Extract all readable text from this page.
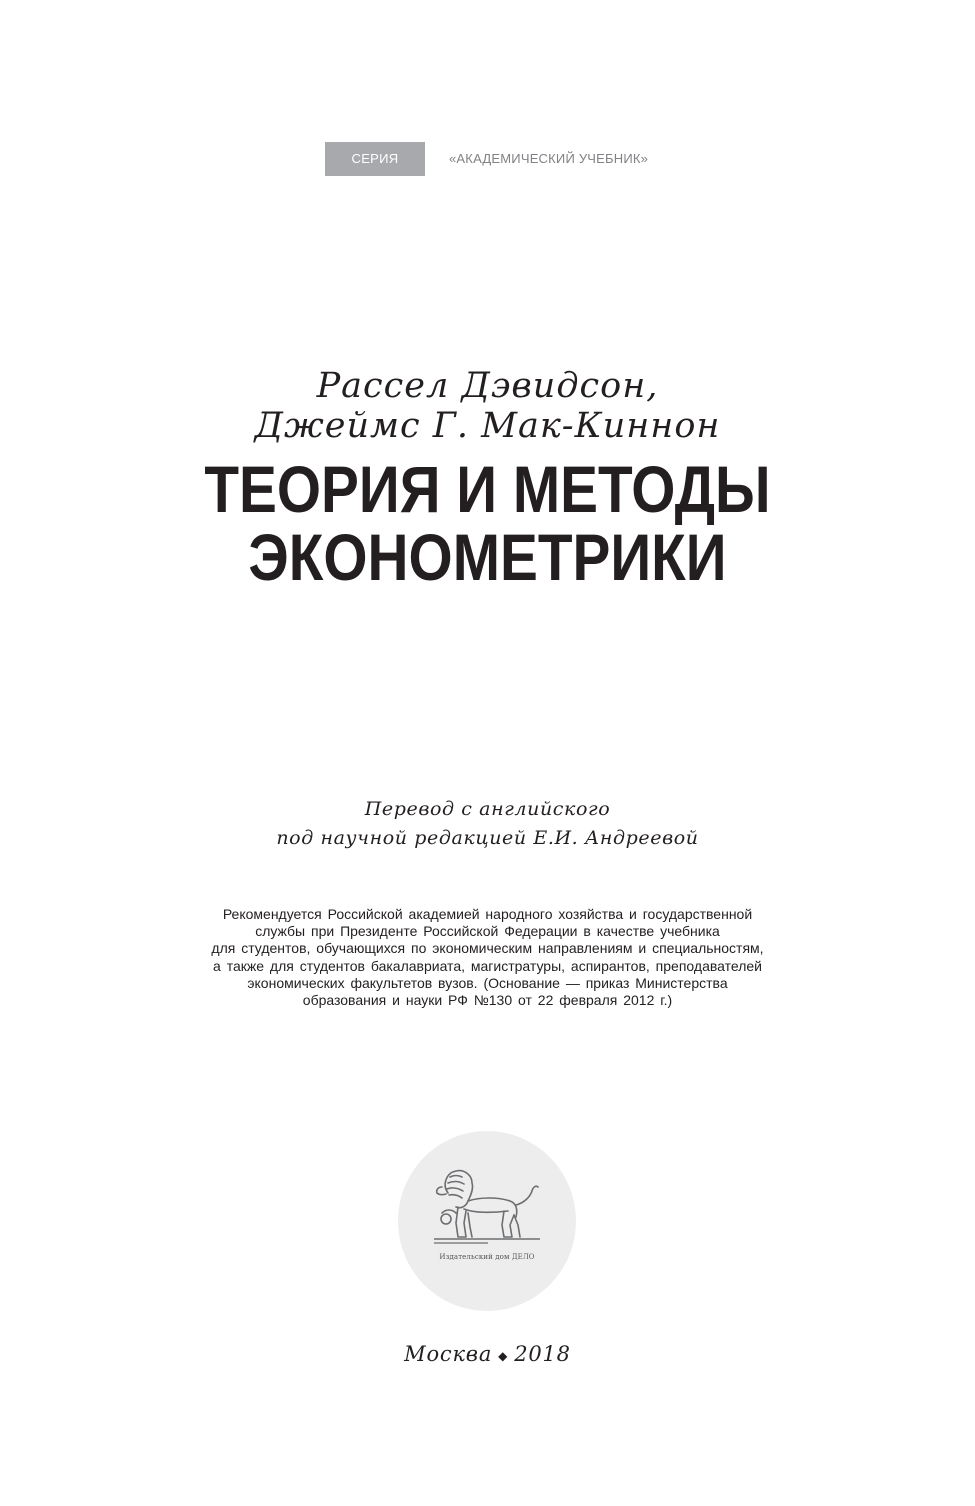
СЕРИЯ	«АКАДЕМИЧЕСКИЙ УЧЕБНИК»
Рассел Дэвидсон,
Джеймс Г. Мак-Киннон
ТЕОРИЯ И МЕТОДЫ
ЭКОНОМЕТРИКИ
Перевод с английского
под научной редакцией Е.И. Андреевой
Рекомендуется Российской академией народного хозяйства и государственной
службы при Президенте Российской Федерации в качестве учебника
для студентов, обучающихся по экономическим направлениям и специальностям,
а также для студентов бакалавриата, магистратуры, аспирантов, преподавателей
экономических факультетов вузов. (Основание — приказ Министерства
образования и науки РФ №130 от 22 февраля 2012 г.)
Издательский дом ДЕЛО
Москва ◆ 2018
